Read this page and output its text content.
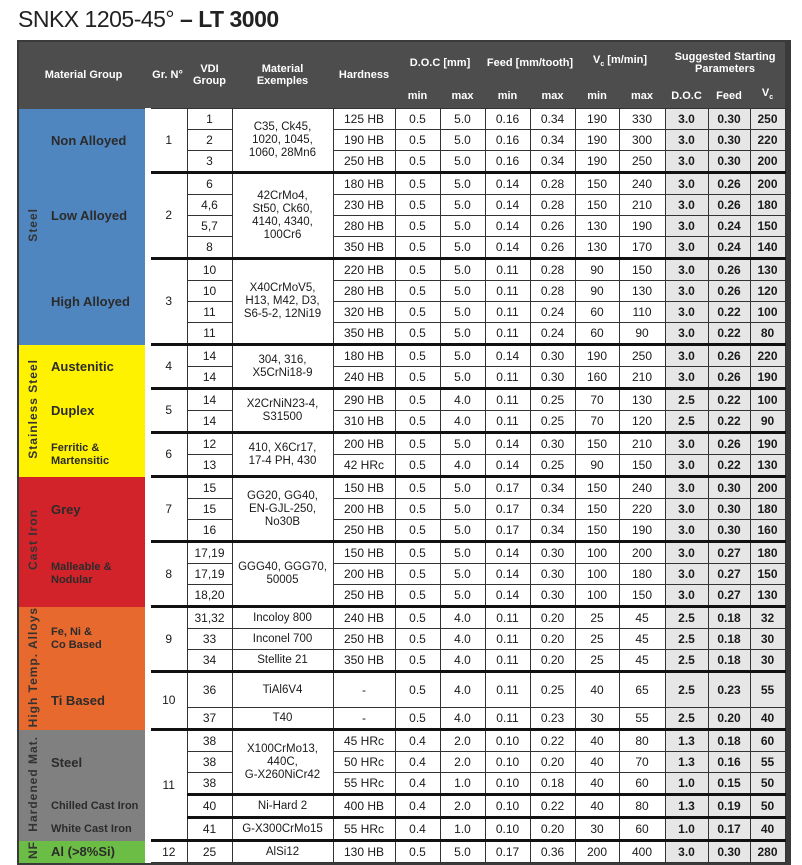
SNKX 1205-45° – LT 3000
Material Group		Gr. N°	VDI
Group	Material
Exemples	Hardness	D.O.C [mm]		Feed [mm/tooth]		$V_c$ [m/min]		Suggested Starting
Parameters		
						min	max	min	max	min	max	D.O.C	Feed	$V_c$
Steel	Non Alloyed	1	1	C35, Ck45,
1020, 1045,
1060, 28Mn6	125 HB	0.5	5.0	0.16	0.34	190	330	3.0	0.30	250
			2		190 HB	0.5	5.0	0.16	0.34	190	300	3.0	0.30	220
			3		250 HB	0.5	5.0	0.16	0.34	190	250	3.0	0.30	200
	Low Alloyed	2	6	42CrMo4,
St50, Ck60,
4140, 4340,
100Cr6	180 HB	0.5	5.0	0.14	0.28	150	240	3.0	0.26	200
			4,6		230 HB	0.5	5.0	0.14	0.28	150	210	3.0	0.26	180
			5,7		280 HB	0.5	5.0	0.14	0.26	130	190	3.0	0.24	150
			8		350 HB	0.5	5.0	0.14	0.26	130	170	3.0	0.24	140
	High Alloyed	3	10	X40CrMoV5,
H13, M42, D3,
S6-5-2, 12Ni19	220 HB	0.5	5.0	0.11	0.28	90	150	3.0	0.26	130
			10		280 HB	0.5	5.0	0.11	0.28	90	130	3.0	0.26	120
			11		320 HB	0.5	5.0	0.11	0.24	60	110	3.0	0.22	100
			11		350 HB	0.5	5.0	0.11	0.24	60	90	3.0	0.22	80
Stainless Steel	Austenitic	4	14	304, 316,
X5CrNi18-9	180 HB	0.5	5.0	0.14	0.30	190	250	3.0	0.26	220
			14		240 HB	0.5	5.0	0.11	0.30	160	210	3.0	0.26	190
	Duplex	5	14	X2CrNiN23-4,
S31500	290 HB	0.5	4.0	0.11	0.25	70	130	2.5	0.22	100
			14		310 HB	0.5	4.0	0.11	0.25	70	120	2.5	0.22	90
	Ferritic &
Martensitic	6	12	410, X6Cr17,
17-4 PH, 430	200 HB	0.5	5.0	0.14	0.30	150	210	3.0	0.26	190
			13		42 HRc	0.5	4.0	0.14	0.25	90	150	3.0	0.22	130
Cast Iron	Grey	7	15	GG20, GG40,
EN-GJL-250,
No30B	150 HB	0.5	5.0	0.17	0.34	150	240	3.0	0.30	200
			15		200 HB	0.5	5.0	0.17	0.34	150	220	3.0	0.30	180
			16		250 HB	0.5	5.0	0.17	0.34	150	190	3.0	0.30	160
	Malleable &
Nodular	8	17,19	GGG40, GGG70,
50005	150 HB	0.5	5.0	0.14	0.30	100	200	3.0	0.27	180
			17,19		200 HB	0.5	5.0	0.14	0.30	100	180	3.0	0.27	150
			18,20		250 HB	0.5	5.0	0.14	0.30	100	150	3.0	0.27	130
High Temp. Alloys	Fe, Ni &
Co Based	9	31,32	Incoloy 800	240 HB	0.5	4.0	0.11	0.20	25	45	2.5	0.18	32
			33	Inconel 700	250 HB	0.5	4.0	0.11	0.20	25	45	2.5	0.18	30
			34	Stellite 21	350 HB	0.5	4.0	0.11	0.20	25	45	2.5	0.18	30
	Ti Based	10	36	TiAl6V4	-	0.5	4.0	0.11	0.25	40	65	2.5	0.23	55
			37	T40	-	0.5	4.0	0.11	0.23	30	55	2.5	0.20	40
Hardened Mat.	Steel	11	38	X100CrMo13,
440C,
G-X260NiCr42	45 HRc	0.4	2.0	0.10	0.22	40	80	1.3	0.18	60
			38		50 HRc	0.4	2.0	0.10	0.20	40	70	1.3	0.16	55
			38		55 HRc	0.4	1.0	0.10	0.18	40	60	1.0	0.15	50
	Chilled Cast Iron		40	Ni-Hard 2	400 HB	0.4	2.0	0.10	0.22	40	80	1.3	0.19	50
	White Cast Iron		41	G-X300CrMo15	55 HRc	0.4	1.0	0.10	0.20	30	60	1.0	0.17	40
NF	Al (>8%Si)	12	25	AlSi12	130 HB	0.5	5.0	0.17	0.36	200	400	3.0	0.30	280
